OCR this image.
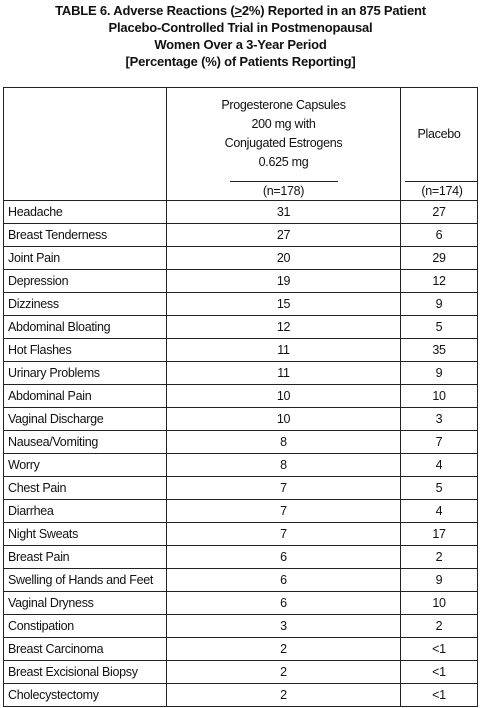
TABLE 6. Adverse Reactions (>2%) Reported in an 875 Patient
Placebo-Controlled Trial in Postmenopausal
Women Over a 3-Year Period
[Percentage (%) of Patients Reporting]

	Progesterone Capsules
200 mg with
Conjugated Estrogens
0.625 mg	Placebo
	(n=178)	(n=174)
Headache	31	27
Breast Tenderness	27	6
Joint Pain	20	29
Depression	19	12
Dizziness	15	9
Abdominal Bloating	12	5
Hot Flashes	11	35
Urinary Problems	11	9
Abdominal Pain	10	10
Vaginal Discharge	10	3
Nausea/Vomiting	8	7
Worry	8	4
Chest Pain	7	5
Diarrhea	7	4
Night Sweats	7	17
Breast Pain	6	2
Swelling of Hands and Feet	6	9
Vaginal Dryness	6	10
Constipation	3	2
Breast Carcinoma	2	<1
Breast Excisional Biopsy	2	<1
Cholecystectomy	2	<1
